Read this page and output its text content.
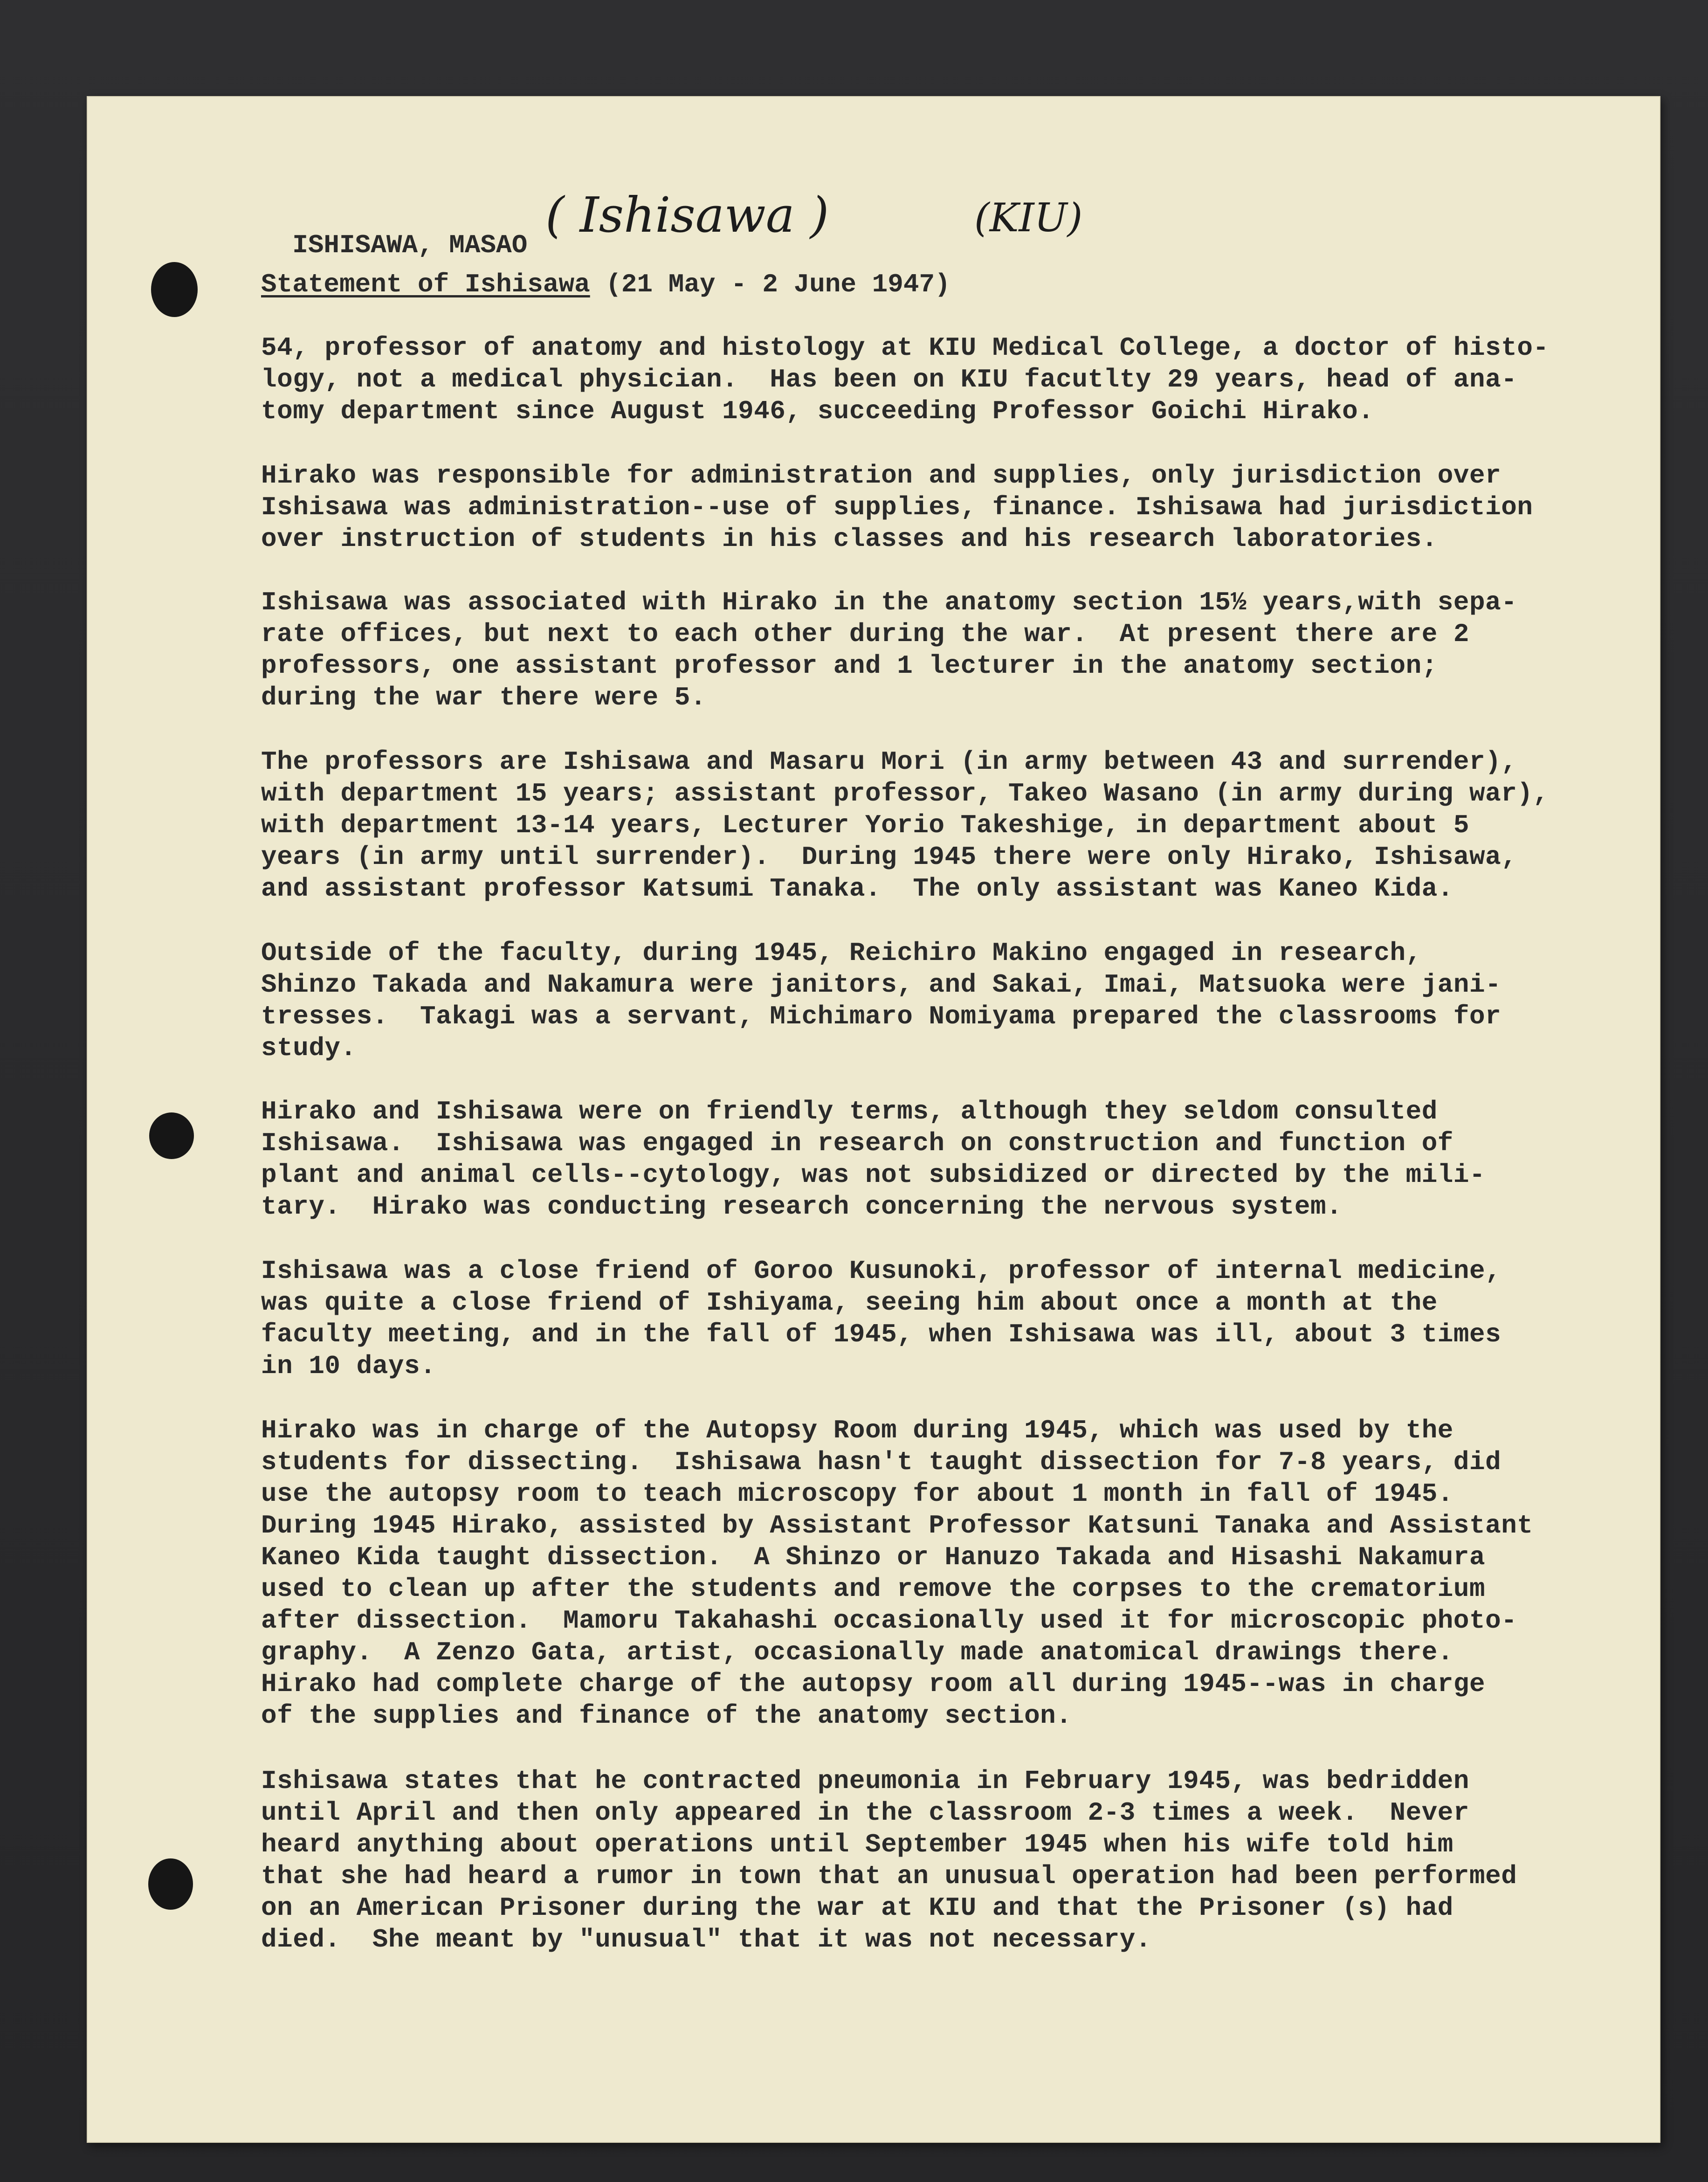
ISHISAWA, MASAO

( Ishisawa )	(KIU)
Statement of Ishisawa (21 May - 2 June 1947)
54, professor of anatomy and histology at KIU Medical College, a doctor of histo-
logy, not a medical physician.  Has been on KIU facutlty 29 years, head of ana-
tomy department since August 1946, succeeding Professor Goichi Hirako.
Hirako was responsible for administration and supplies, only jurisdiction over
Ishisawa was administration--use of supplies, finance. Ishisawa had jurisdiction
over instruction of students in his classes and his research laboratories.
Ishisawa was associated with Hirako in the anatomy section 15½ years,with sepa-
rate offices, but next to each other during the war.  At present there are 2
professors, one assistant professor and 1 lecturer in the anatomy section;
during the war there were 5.
The professors are Ishisawa and Masaru Mori (in army between 43 and surrender),
with department 15 years; assistant professor, Takeo Wasano (in army during war),
with department 13-14 years, Lecturer Yorio Takeshige, in department about 5
years (in army until surrender).  During 1945 there were only Hirako, Ishisawa,
and assistant professor Katsumi Tanaka.  The only assistant was Kaneo Kida.
Outside of the faculty, during 1945, Reichiro Makino engaged in research,
Shinzo Takada and Nakamura were janitors, and Sakai, Imai, Matsuoka were jani-
tresses.  Takagi was a servant, Michimaro Nomiyama prepared the classrooms for
study.
Hirako and Ishisawa were on friendly terms, although they seldom consulted
Ishisawa.  Ishisawa was engaged in research on construction and function of
plant and animal cells--cytology, was not subsidized or directed by the mili-
tary.  Hirako was conducting research concerning the nervous system.
Ishisawa was a close friend of Goroo Kusunoki, professor of internal medicine,
was quite a close friend of Ishiyama, seeing him about once a month at the
faculty meeting, and in the fall of 1945, when Ishisawa was ill, about 3 times
in 10 days.
Hirako was in charge of the Autopsy Room during 1945, which was used by the
students for dissecting.  Ishisawa hasn't taught dissection for 7-8 years, did
use the autopsy room to teach microscopy for about 1 month in fall of 1945.
During 1945 Hirako, assisted by Assistant Professor Katsuni Tanaka and Assistant
Kaneo Kida taught dissection.  A Shinzo or Hanuzo Takada and Hisashi Nakamura
used to clean up after the students and remove the corpses to the crematorium
after dissection.  Mamoru Takahashi occasionally used it for microscopic photo-
graphy.  A Zenzo Gata, artist, occasionally made anatomical drawings there.
Hirako had complete charge of the autopsy room all during 1945--was in charge
of the supplies and finance of the anatomy section.
Ishisawa states that he contracted pneumonia in February 1945, was bedridden
until April and then only appeared in the classroom 2-3 times a week.  Never
heard anything about operations until September 1945 when his wife told him
that she had heard a rumor in town that an unusual operation had been performed
on an American Prisoner during the war at KIU and that the Prisoner (s) had
died.  She meant by "unusual" that it was not necessary.
